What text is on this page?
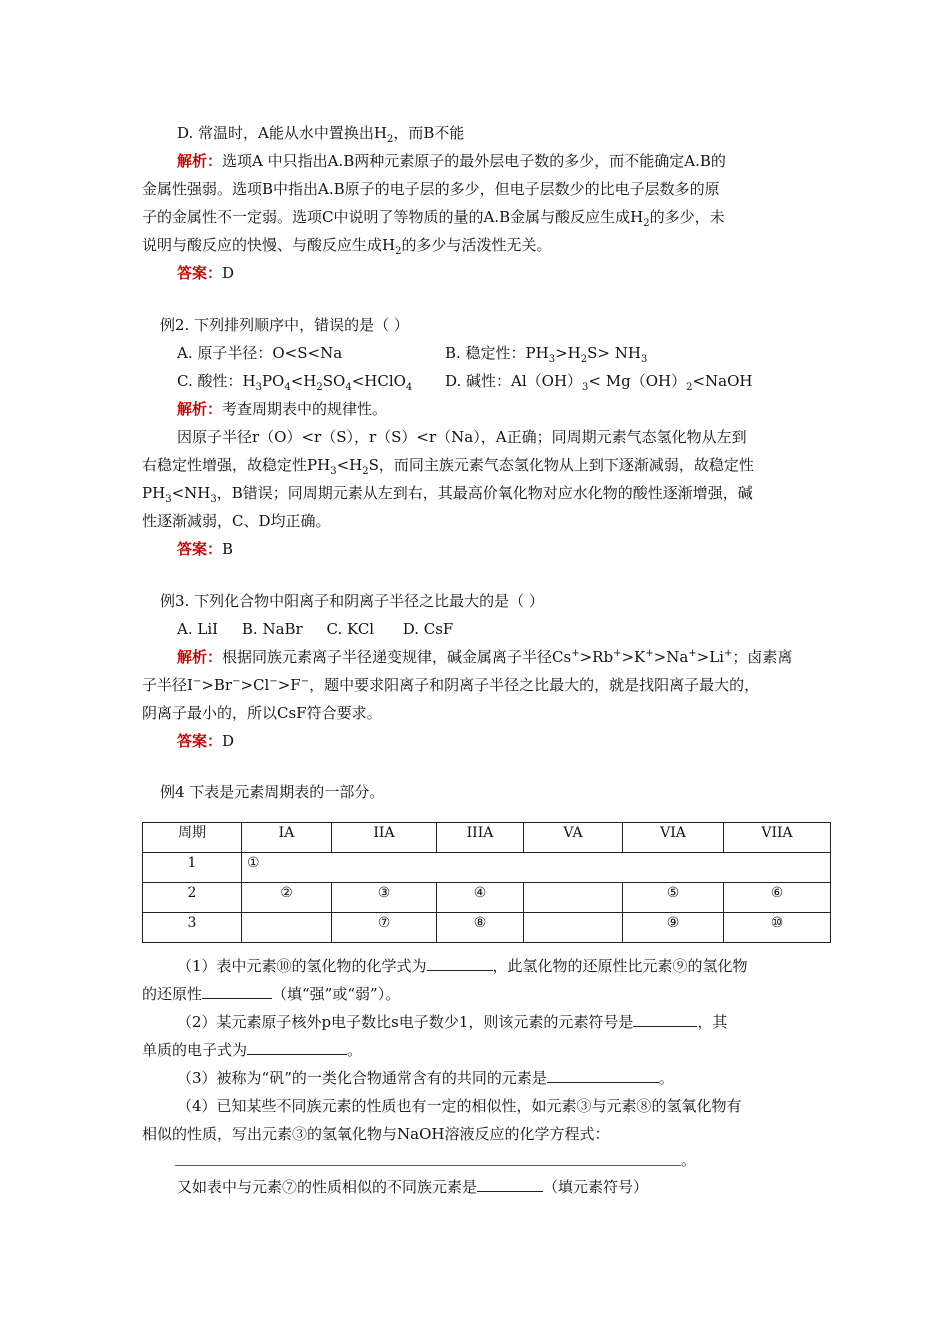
D. 常温时，A能从水中置换出$H_2$，而B不能
解析：选项A 中只指出A.B两种元素原子的最外层电子数的多少，而不能确定A.B的
金属性强弱。选项B中指出A.B原子的电子层的多少，但电子层数少的比电子层数多的原
子的金属性不一定弱。选项C中说明了等物质的量的A.B金属与酸反应生成$H_2$的多少，未
说明与酸反应的快慢、与酸反应生成$H_2$的多少与活泼性无关。
答案：D
例2. 下列排列顺序中，错误的是（ ）
A. 原子半径：O<S<Na	B. 稳定性：$PH_3>H_2S> NH_3$
C. 酸性：$H_3PO_4<H_2SO_4<HClO_4$ D. 碱性：$Al(OH)_3<$ $Mg(OH)_2<NaOH$
解析：考查周期表中的规律性。
因原子半径r（O）<r（S），r（S）<r（Na），A正确；同周期元素气态氢化物从左到
右稳定性增强，故稳定性$PH_3<H_2S$，而同主族元素气态氢化物从上到下逐渐减弱，故稳定性
$PH_3<NH_3$，B错误；同周期元素从左到右，其最高价氧化物对应水化物的酸性逐渐增强，碱
性逐渐减弱，C、D均正确。
答案：B
例3. 下列化合物中阳离子和阴离子半径之比最大的是（ ）
A. LiI     B. NaBr     C. KCl      D. CsF
解析：根据同族元素离子半径递变规律，碱金属离子半径Cs+>Rb+>K+>Na+>Li+；卤素离
子半径I−>Br−>Cl−>F−，题中要求阳离子和阴离子半径之比最大的，就是找阳离子最大的，
阴离子最小的，所以CsF符合要求。
答案：D
例4 下表是元素周期表的一部分。
周期	IA	IIA	IIIA	VA	VIA	VIIA
1	①					
2	②	③	④		⑤	⑥
3		⑦	⑧		⑨	⑩
（1）表中元素⑩的氢化物的化学式为	，此氢化物的还原性比元素⑨的氢化物
的还原性	（填“强”或“弱”）。
（2）某元素原子核外p电子数比s电子数少1，则该元素的元素符号是	，其
单质的电子式为	。
（3）被称为“矾”的一类化合物通常含有的共同的元素是	。
（4）已知某些不同族元素的性质也有一定的相似性，如元素③与元素⑧的氢氧化物有
相似的性质，写出元素③的氢氧化物与NaOH溶液反应的化学方程式：
。
又如表中与元素⑦的性质相似的不同族元素是	（填元素符号）
